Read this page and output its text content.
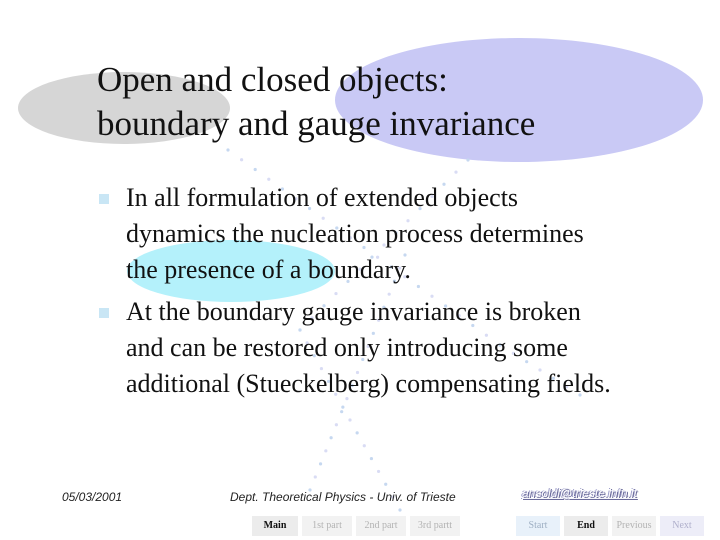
Open and closed objects:
boundary and gauge invariance
In all formulation of extended objects
dynamics the nucleation process determines
the presence of a boundary.
At the boundary gauge invariance is broken
and can be restored only introducing some
additional (Stueckelberg) compensating fields.
05/03/2001	Dept. Theoretical Physics - Univ. of Trieste	ansoldi@trieste.infn.it
Main	1st part	2nd part	3rd partt	Start	End	Previous	Next
